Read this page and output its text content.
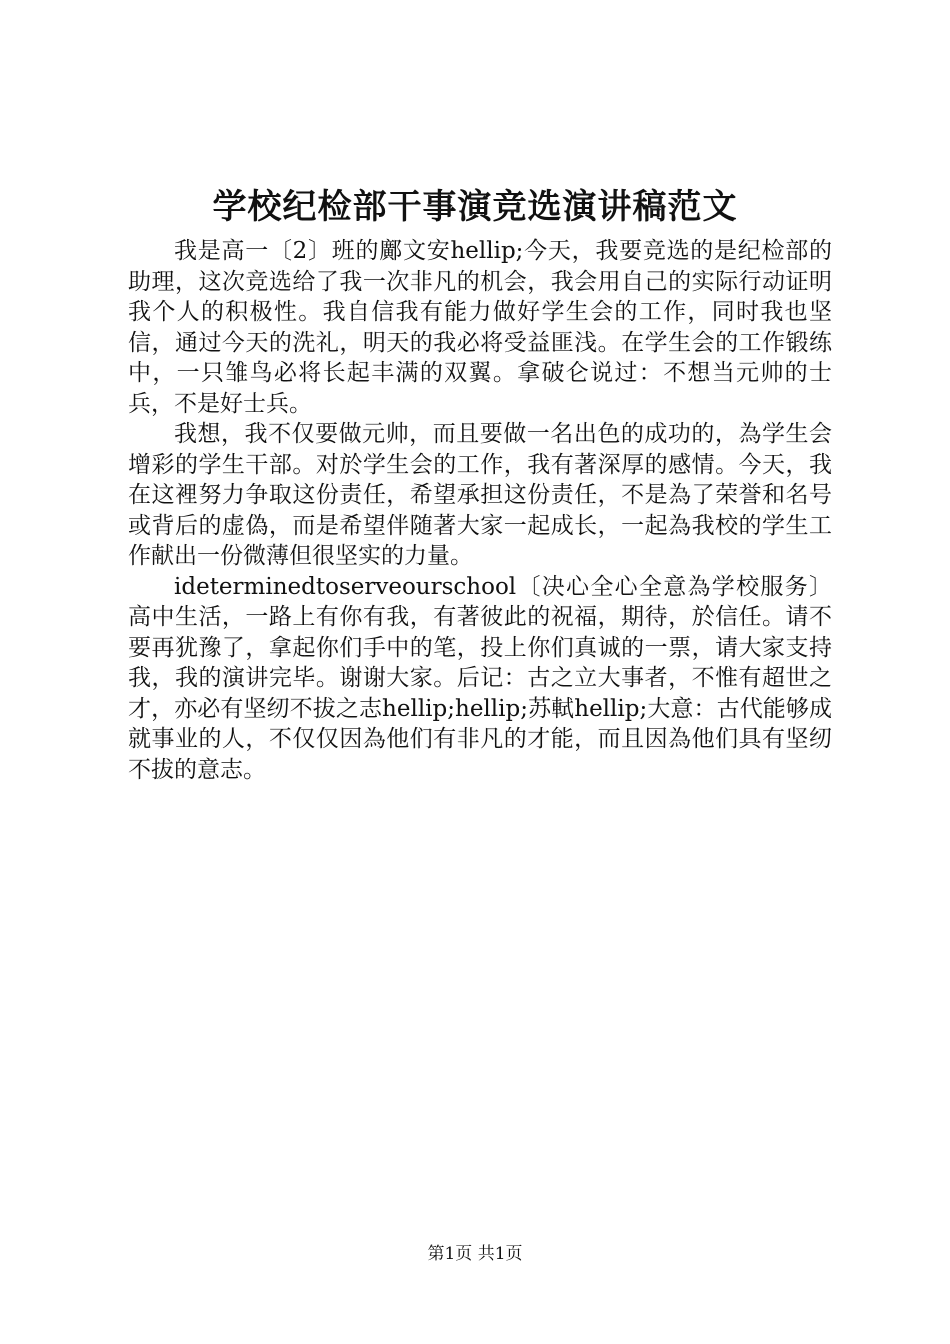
学校纪检部干事演竞选演讲稿范文

我是高一〔2〕班的鄺文安hellip;今天，我要竞选的是纪检部的助理，这次竞选给了我一次非凡的机会，我会用自己的实际行动证明我个人的积极性。我自信我有能力做好学生会的工作，同时我也坚信，通过今天的洗礼，明天的我必将受益匪浅。在学生会的工作锻练中，一只雏鸟必将长起丰满的双翼。拿破仑说过：不想当元帅的士兵，不是好士兵。

我想，我不仅要做元帅，而且要做一名出色的成功的，為学生会增彩的学生干部。对於学生会的工作，我有著深厚的感情。今天，我在这裡努力争取这份责任，希望承担这份责任，不是為了荣誉和名号或背后的虚偽，而是希望伴随著大家一起成长，一起為我校的学生工作献出一份微薄但很坚实的力量。

ideterminedtoserveourschool〔决心全心全意為学校服务〕高中生活，一路上有你有我，有著彼此的祝福，期待，於信任。请不要再犹豫了，拿起你们手中的笔，投上你们真诚的一票，请大家支持我，我的演讲完毕。谢谢大家。后记：古之立大事者，不惟有超世之才，亦必有坚纫不拔之志hellip;hellip;苏軾hellip;大意：古代能够成就事业的人，不仅仅因為他们有非凡的才能，而且因為他们具有坚纫不拔的意志。

第1页 共1页
